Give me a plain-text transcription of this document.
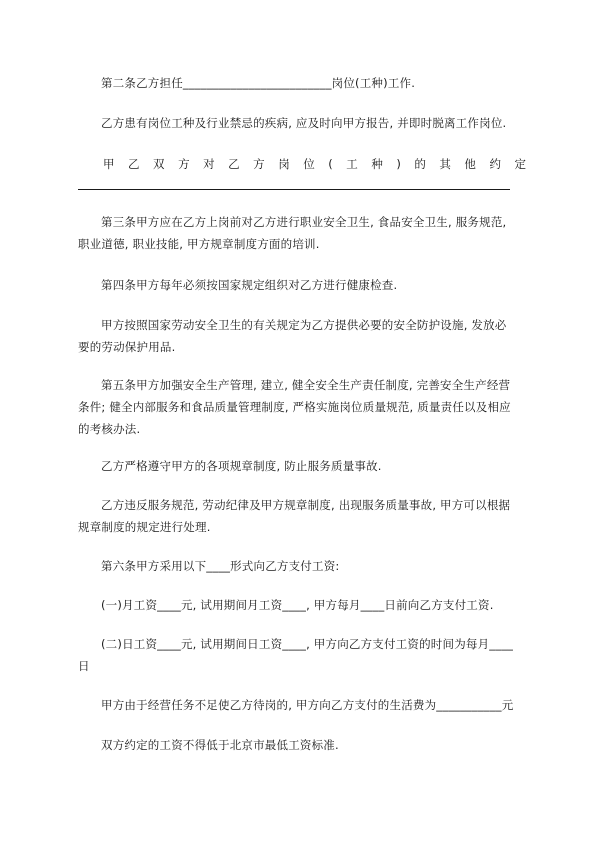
第二条乙方担任_________________________岗位(工种)工作.

乙方患有岗位工种及行业禁忌的疾病, 应及时向甲方报告, 并即时脱离工作岗位.

甲乙双方对乙方岗位(工种)的其他约定

第三条甲方应在乙方上岗前对乙方进行职业安全卫生, 食品安全卫生, 服务规范, 职业道德, 职业技能, 甲方规章制度方面的培训.

第四条甲方每年必须按国家规定组织对乙方进行健康检查.

甲方按照国家劳动安全卫生的有关规定为乙方提供必要的安全防护设施, 发放必要的劳动保护用品.

第五条甲方加强安全生产管理, 建立, 健全安全生产责任制度, 完善安全生产经营条件; 健全内部服务和食品质量管理制度, 严格实施岗位质量规范, 质量责任以及相应的考核办法.

乙方严格遵守甲方的各项规章制度, 防止服务质量事故.

乙方违反服务规范, 劳动纪律及甲方规章制度, 出现服务质量事故, 甲方可以根据规章制度的规定进行处理.

第六条甲方采用以下____形式向乙方支付工资:

(一)月工资____元, 试用期间月工资____, 甲方每月____日前向乙方支付工资.

(二)日工资____元, 试用期间日工资____, 甲方向乙方支付工资的时间为每月____日

甲方由于经营任务不足使乙方待岗的, 甲方向乙方支付的生活费为___________元

双方约定的工资不得低于北京市最低工资标准.
